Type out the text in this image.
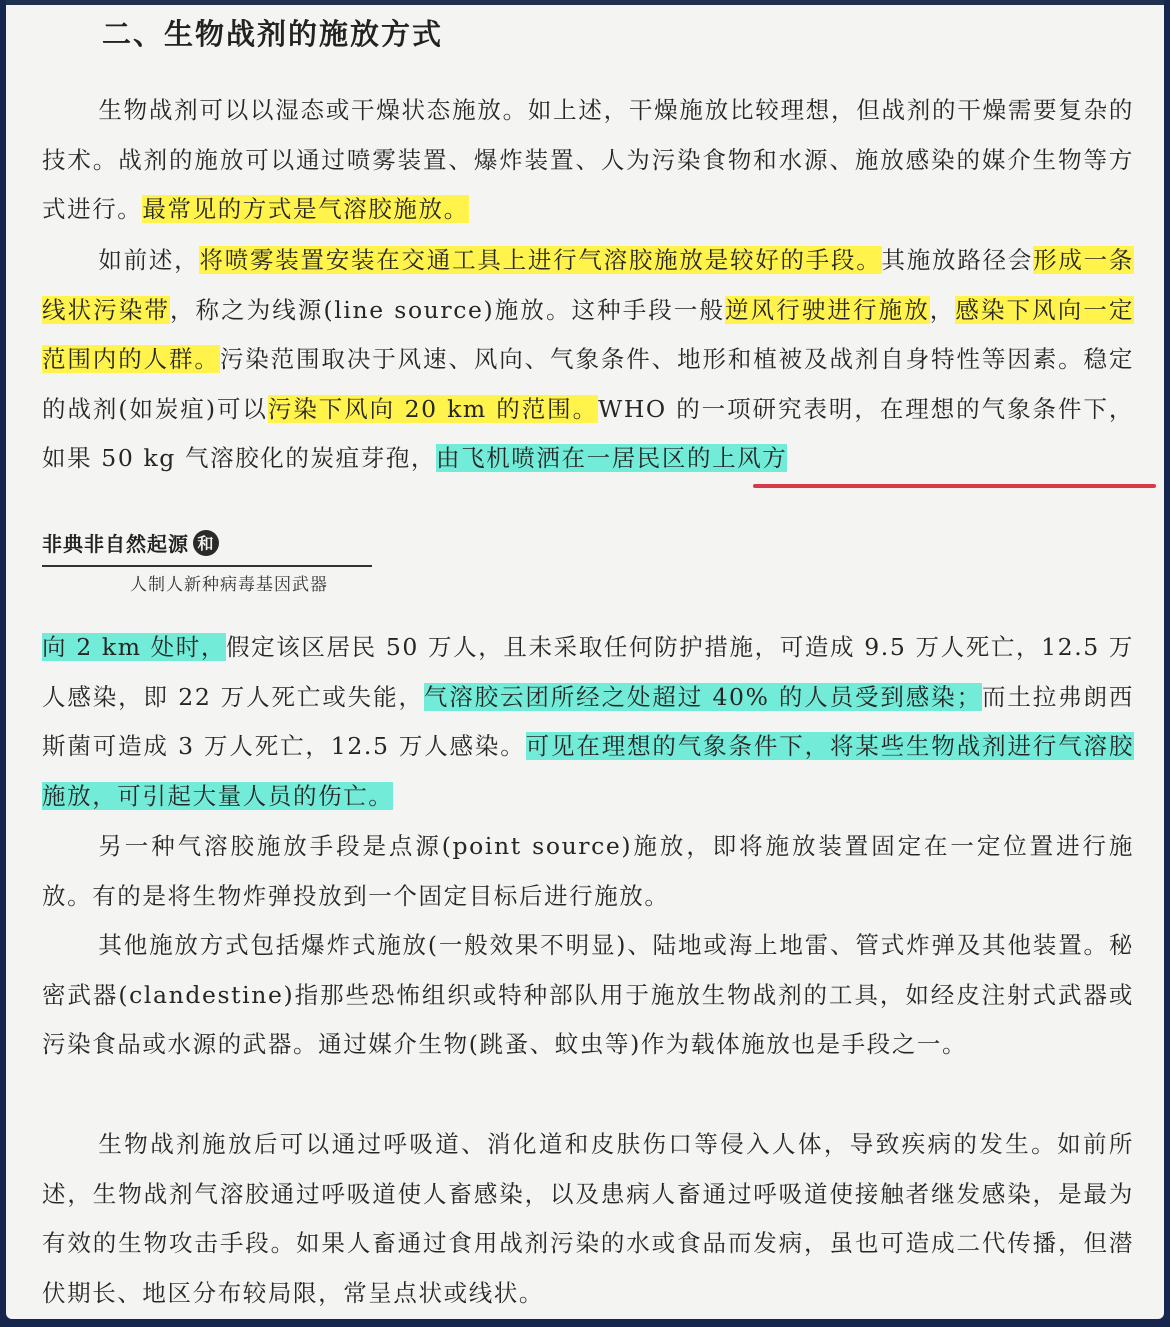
二、生物战剂的施放方式

生物战剂可以以湿态或干燥状态施放。如上述，干燥施放比较理想，但战剂的干燥需要复杂的技术。战剂的施放可以通过喷雾装置、爆炸装置、人为污染食物和水源、施放感染的媒介生物等方式进行。最常见的方式是气溶胶施放。

如前述，将喷雾装置安装在交通工具上进行气溶胶施放是较好的手段。其施放路径会形成一条线状污染带，称之为线源(line source)施放。这种手段一般逆风行驶进行施放，感染下风向一定范围内的人群。污染范围取决于风速、风向、气象条件、地形和植被及战剂自身特性等因素。稳定的战剂(如炭疽)可以污染下风向 20 km 的范围。WHO 的一项研究表明，在理想的气象条件下，如果 50 kg 气溶胶化的炭疽芽孢，由飞机喷洒在一居民区的上风方

非典非自然起源 和
人制人新种病毒基因武器

向 2 km 处时，假定该区居民 50 万人，且未采取任何防护措施，可造成 9.5 万人死亡，12.5 万人感染，即 22 万人死亡或失能，气溶胶云团所经之处超过 40% 的人员受到感染；而土拉弗朗西斯菌可造成 3 万人死亡，12.5 万人感染。可见在理想的气象条件下，将某些生物战剂进行气溶胶施放，可引起大量人员的伤亡。

另一种气溶胶施放手段是点源(point source)施放，即将施放装置固定在一定位置进行施放。有的是将生物炸弹投放到一个固定目标后进行施放。

其他施放方式包括爆炸式施放(一般效果不明显)、陆地或海上地雷、管式炸弹及其他装置。秘密武器(clandestine)指那些恐怖组织或特种部队用于施放生物战剂的工具，如经皮注射式武器或污染食品或水源的武器。通过媒介生物(跳蚤、蚊虫等)作为载体施放也是手段之一。

生物战剂施放后可以通过呼吸道、消化道和皮肤伤口等侵入人体，导致疾病的发生。如前所述，生物战剂气溶胶通过呼吸道使人畜感染，以及患病人畜通过呼吸道使接触者继发感染，是最为有效的生物攻击手段。如果人畜通过食用战剂污染的水或食品而发病，虽也可造成二代传播，但潜伏期长、地区分布较局限，常呈点状或线状。
